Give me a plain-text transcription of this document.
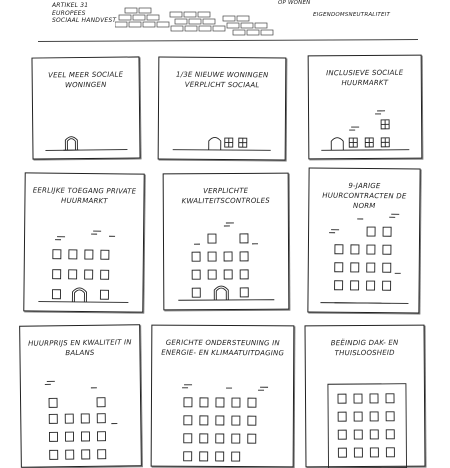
ARTIKEL 31
EUROPEES
SOCIAAL HANDVEST
OP WONEN
EIGENDOMSNEUTRALITEIT
VEEL MEER SOCIALE WONINGEN
1/3E NIEUWE WONINGEN VERPLICHT SOCIAAL
INCLUSIEVE SOCIALE HUURMARKT
EERLIJKE TOEGANG PRIVATE HUURMARKT
VERPLICHTE KWALITEITSCONTROLES
9-JARIGE HUURCONTRACTEN DE NORM
HUURPRIJS EN KWALITEIT IN BALANS
GERICHTE ONDERSTEUNING IN ENERGIE- EN KLIMAATUITDAGING
BEËINDIG DAK- EN THUISLOOSHEID
